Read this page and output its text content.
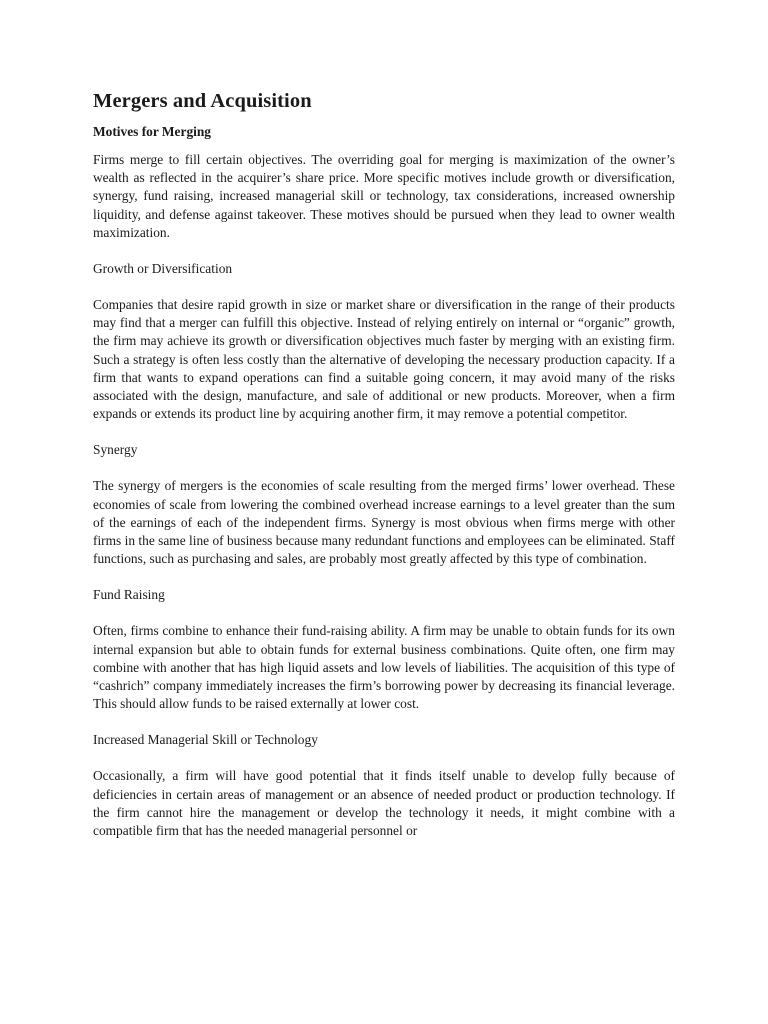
Mergers and Acquisition
Motives for Merging

Firms merge to fill certain objectives. The overriding goal for merging is maximization of the owner’s wealth as reflected in the acquirer’s share price. More specific motives include growth or diversification, synergy, fund raising, increased managerial skill or technology, tax considerations, increased ownership liquidity, and defense against takeover. These motives should be pursued when they lead to owner wealth maximization.

Growth or Diversification

Companies that desire rapid growth in size or market share or diversification in the range of their products may find that a merger can fulfill this objective. Instead of relying entirely on internal or “organic” growth, the firm may achieve its growth or diversification objectives much faster by merging with an existing firm. Such a strategy is often less costly than the alternative of developing the necessary production capacity. If a firm that wants to expand operations can find a suitable going concern, it may avoid many of the risks associated with the design, manufacture, and sale of additional or new products. Moreover, when a firm expands or extends its product line by acquiring another firm, it may remove a potential competitor.

Synergy

The synergy of mergers is the economies of scale resulting from the merged firms’ lower overhead. These economies of scale from lowering the combined overhead increase earnings to a level greater than the sum of the earnings of each of the independent firms. Synergy is most obvious when firms merge with other firms in the same line of business because many redundant functions and employees can be eliminated. Staff functions, such as purchasing and sales, are probably most greatly affected by this type of combination.

Fund Raising

Often, firms combine to enhance their fund-raising ability. A firm may be unable to obtain funds for its own internal expansion but able to obtain funds for external business combinations. Quite often, one firm may combine with another that has high liquid assets and low levels of liabilities. The acquisition of this type of “cashrich” company immediately increases the firm’s borrowing power by decreasing its financial leverage. This should allow funds to be raised externally at lower cost.

Increased Managerial Skill or Technology

Occasionally, a firm will have good potential that it finds itself unable to develop fully because of deficiencies in certain areas of management or an absence of needed product or production technology. If the firm cannot hire the management or develop the technology it needs, it might combine with a compatible firm that has the needed managerial personnel or
